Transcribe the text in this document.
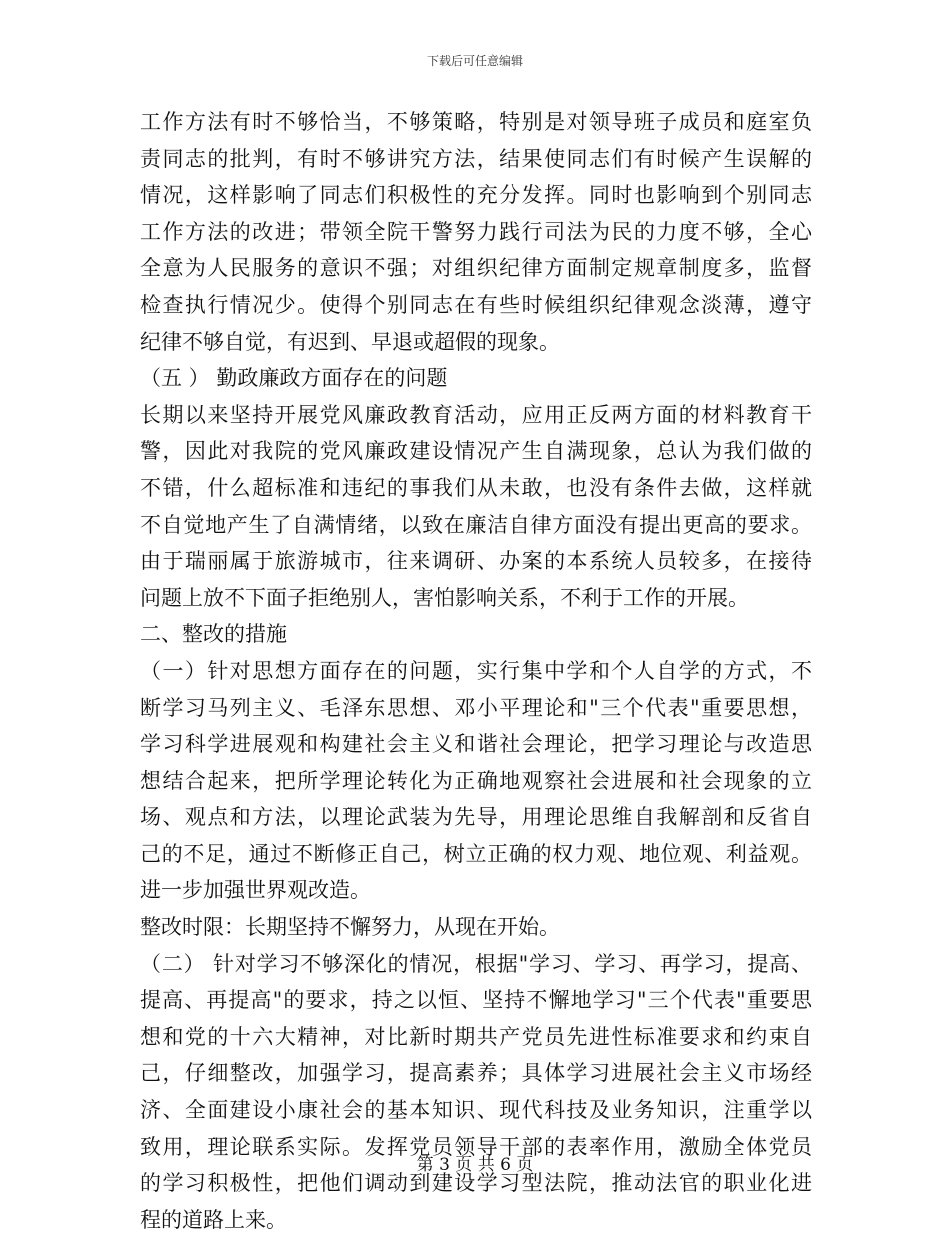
下载后可任意编辑
工作方法有时不够恰当，不够策略，特别是对领导班子成员和庭室负
责同志的批判，有时不够讲究方法，结果使同志们有时候产生误解的
情况，这样影响了同志们积极性的充分发挥。同时也影响到个别同志
工作方法的改进；带领全院干警努力践行司法为民的力度不够，全心
全意为人民服务的意识不强；对组织纪律方面制定规章制度多，监督
检查执行情况少。使得个别同志在有些时候组织纪律观念淡薄，遵守
纪律不够自觉，有迟到、早退或超假的现象。
（五 ） 勤政廉政方面存在的问题
长期以来坚持开展党风廉政教育活动，应用正反两方面的材料教育干
警，因此对我院的党风廉政建设情况产生自满现象，总认为我们做的
不错，什么超标准和违纪的事我们从未敢，也没有条件去做，这样就
不自觉地产生了自满情绪，以致在廉洁自律方面没有提出更高的要求。
由于瑞丽属于旅游城市，往来调研、办案的本系统人员较多，在接待
问题上放不下面子拒绝别人，害怕影响关系，不利于工作的开展。
二、整改的措施
（一）针对思想方面存在的问题，实行集中学和个人自学的方式，不
断学习马列主义、毛泽东思想、邓小平理论和"三个代表"重要思想，
学习科学进展观和构建社会主义和谐社会理论，把学习理论与改造思
想结合起来，把所学理论转化为正确地观察社会进展和社会现象的立
场、观点和方法，以理论武装为先导，用理论思维自我解剖和反省自
己的不足，通过不断修正自己，树立正确的权力观、地位观、利益观。
进一步加强世界观改造。
整改时限：长期坚持不懈努力，从现在开始。
（二） 针对学习不够深化的情况，根据"学习、学习、再学习，提高、
提高、再提高"的要求，持之以恒、坚持不懈地学习"三个代表"重要思
想和党的十六大精神，对比新时期共产党员先进性标准要求和约束自
己，仔细整改，加强学习，提高素养；具体学习进展社会主义市场经
济、全面建设小康社会的基本知识、现代科技及业务知识，注重学以
致用，理论联系实际。发挥党员领导干部的表率作用，激励全体党员
的学习积极性，把他们调动到建设学习型法院，推动法官的职业化进
程的道路上来。
第 3 页 共 6 页
